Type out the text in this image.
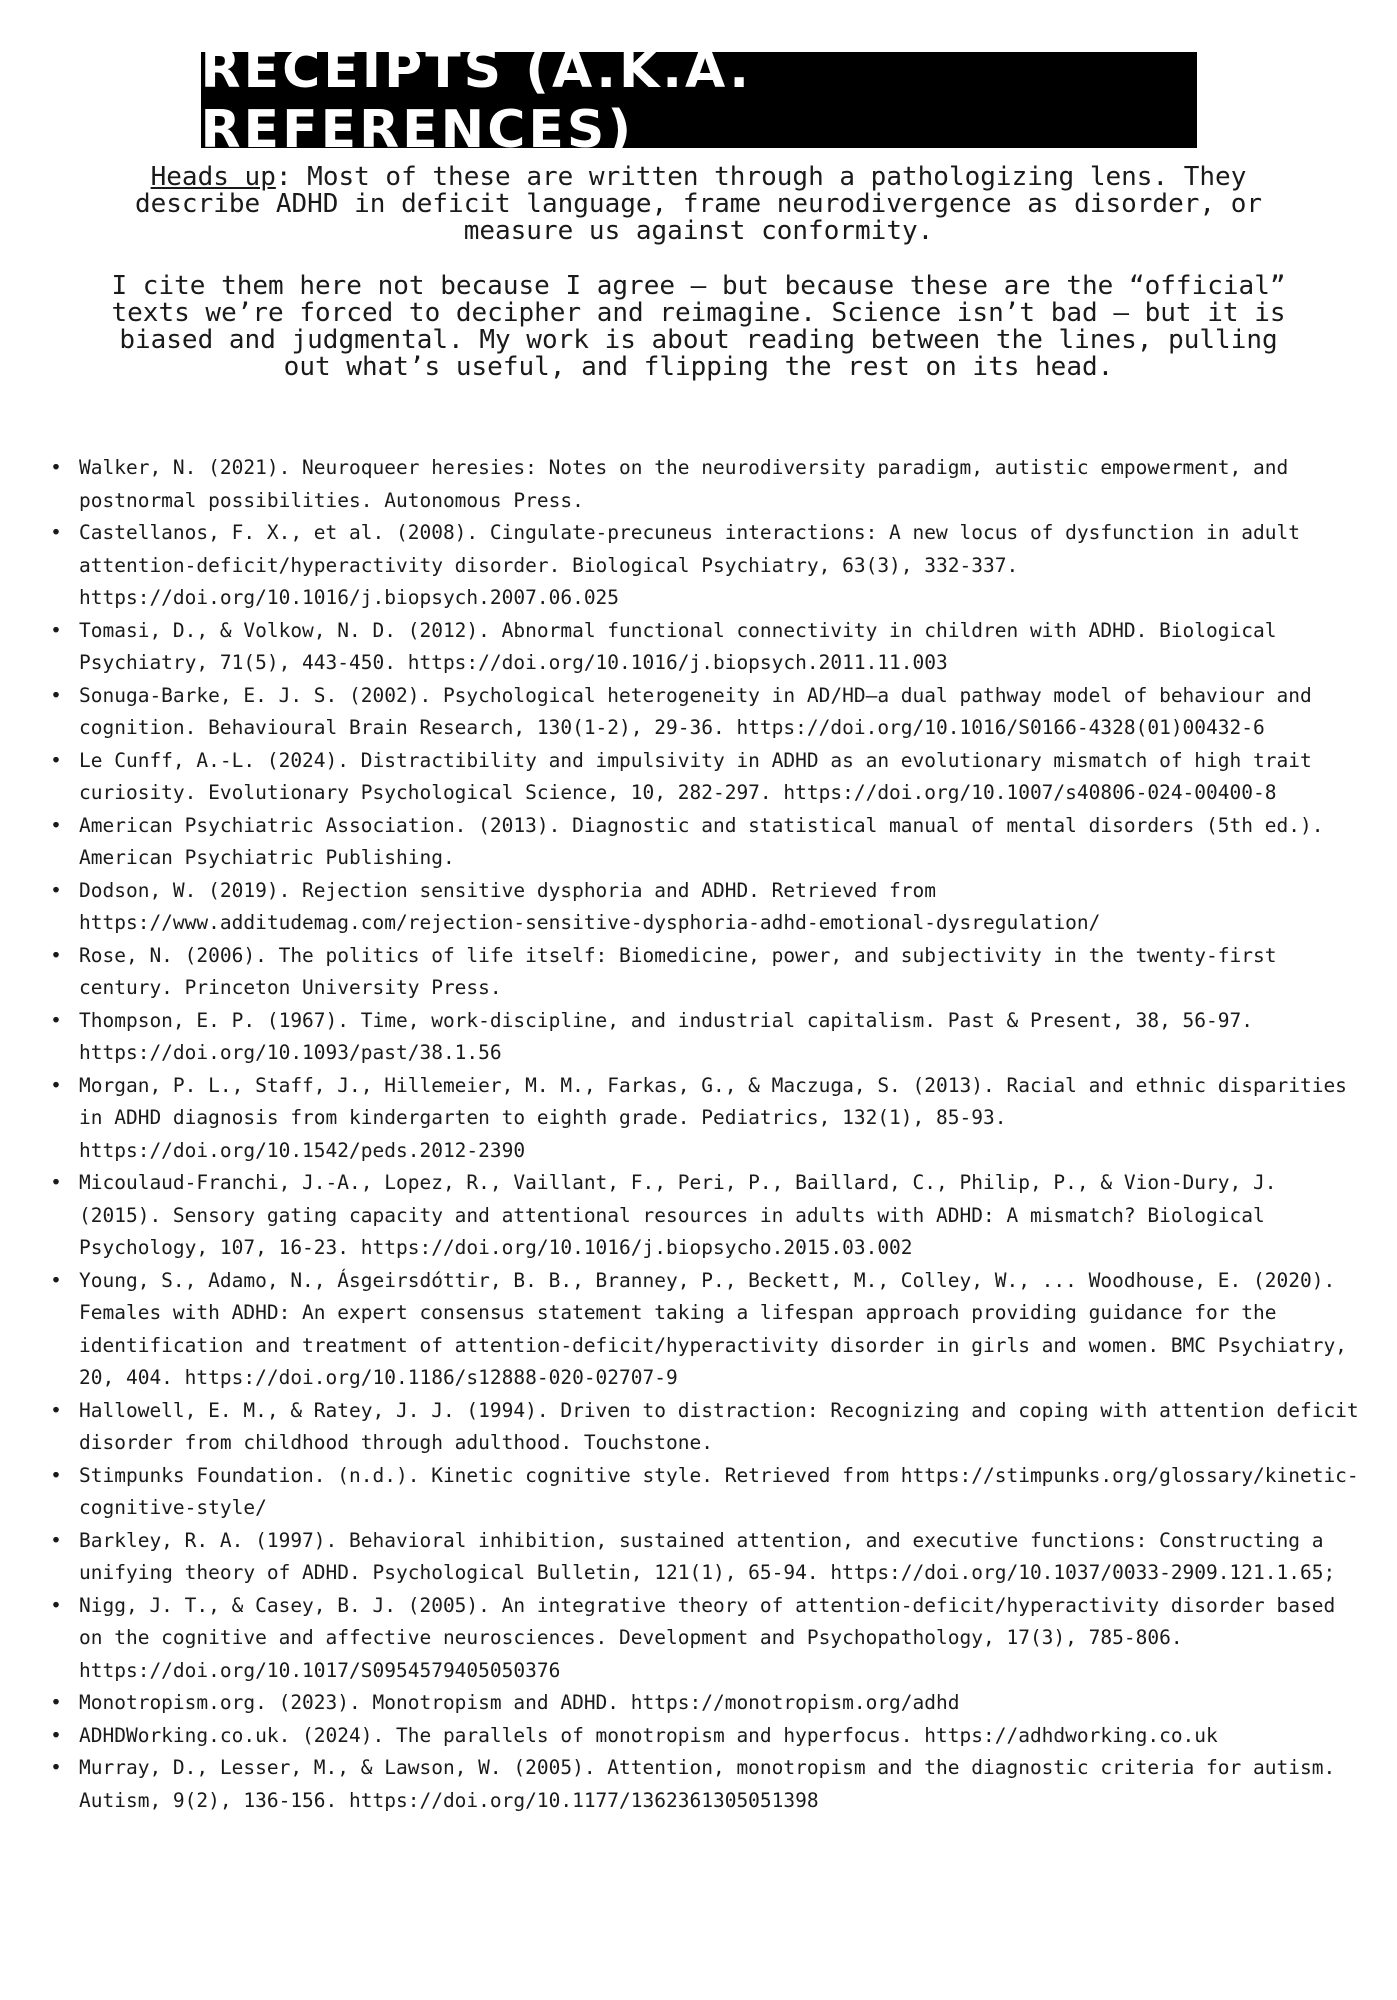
RECEIPTS (A.K.A. REFERENCES)

Heads up: Most of these are written through a pathologizing lens. They describe ADHD in deficit language, frame neurodivergence as disorder, or measure us against conformity.

I cite them here not because I agree — but because these are the “official” texts we’re forced to decipher and reimagine. Science isn’t bad — but it is biased and judgmental. My work is about reading between the lines, pulling out what’s useful, and flipping the rest on its head.

• Walker, N. (2021). Neuroqueer heresies: Notes on the neurodiversity paradigm, autistic empowerment, and postnormal possibilities. Autonomous Press.
• Castellanos, F. X., et al. (2008). Cingulate-precuneus interactions: A new locus of dysfunction in adult attention-deficit/hyperactivity disorder. Biological Psychiatry, 63(3), 332-337. https://doi.org/10.1016/j.biopsych.2007.06.025
• Tomasi, D., & Volkow, N. D. (2012). Abnormal functional connectivity in children with ADHD. Biological Psychiatry, 71(5), 443-450. https://doi.org/10.1016/j.biopsych.2011.11.003
• Sonuga-Barke, E. J. S. (2002). Psychological heterogeneity in AD/HD—a dual pathway model of behaviour and cognition. Behavioural Brain Research, 130(1-2), 29-36. https://doi.org/10.1016/S0166-4328(01)00432-6
• Le Cunff, A.-L. (2024). Distractibility and impulsivity in ADHD as an evolutionary mismatch of high trait curiosity. Evolutionary Psychological Science, 10, 282-297. https://doi.org/10.1007/s40806-024-00400-8
• American Psychiatric Association. (2013). Diagnostic and statistical manual of mental disorders (5th ed.). American Psychiatric Publishing.
• Dodson, W. (2019). Rejection sensitive dysphoria and ADHD. Retrieved from https://www.additudemag.com/rejection-sensitive-dysphoria-adhd-emotional-dysregulation/
• Rose, N. (2006). The politics of life itself: Biomedicine, power, and subjectivity in the twenty-first century. Princeton University Press.
• Thompson, E. P. (1967). Time, work-discipline, and industrial capitalism. Past & Present, 38, 56-97. https://doi.org/10.1093/past/38.1.56
• Morgan, P. L., Staff, J., Hillemeier, M. M., Farkas, G., & Maczuga, S. (2013). Racial and ethnic disparities in ADHD diagnosis from kindergarten to eighth grade. Pediatrics, 132(1), 85-93. https://doi.org/10.1542/peds.2012-2390
• Micoulaud-Franchi, J.-A., Lopez, R., Vaillant, F., Peri, P., Baillard, C., Philip, P., & Vion-Dury, J. (2015). Sensory gating capacity and attentional resources in adults with ADHD: A mismatch? Biological Psychology, 107, 16-23. https://doi.org/10.1016/j.biopsycho.2015.03.002
• Young, S., Adamo, N., Ásgeirsdóttir, B. B., Branney, P., Beckett, M., Colley, W., ... Woodhouse, E. (2020). Females with ADHD: An expert consensus statement taking a lifespan approach providing guidance for the identification and treatment of attention-deficit/hyperactivity disorder in girls and women. BMC Psychiatry, 20, 404. https://doi.org/10.1186/s12888-020-02707-9
• Hallowell, E. M., & Ratey, J. J. (1994). Driven to distraction: Recognizing and coping with attention deficit disorder from childhood through adulthood. Touchstone.
• Stimpunks Foundation. (n.d.). Kinetic cognitive style. Retrieved from https://stimpunks.org/glossary/kinetic-cognitive-style/
• Barkley, R. A. (1997). Behavioral inhibition, sustained attention, and executive functions: Constructing a unifying theory of ADHD. Psychological Bulletin, 121(1), 65-94. https://doi.org/10.1037/0033-2909.121.1.65;
• Nigg, J. T., & Casey, B. J. (2005). An integrative theory of attention-deficit/hyperactivity disorder based on the cognitive and affective neurosciences. Development and Psychopathology, 17(3), 785-806. https://doi.org/10.1017/S0954579405050376
• Monotropism.org. (2023). Monotropism and ADHD. https://monotropism.org/adhd
• ADHDWorking.co.uk. (2024). The parallels of monotropism and hyperfocus. https://adhdworking.co.uk
• Murray, D., Lesser, M., & Lawson, W. (2005). Attention, monotropism and the diagnostic criteria for autism. Autism, 9(2), 136-156. https://doi.org/10.1177/1362361305051398
